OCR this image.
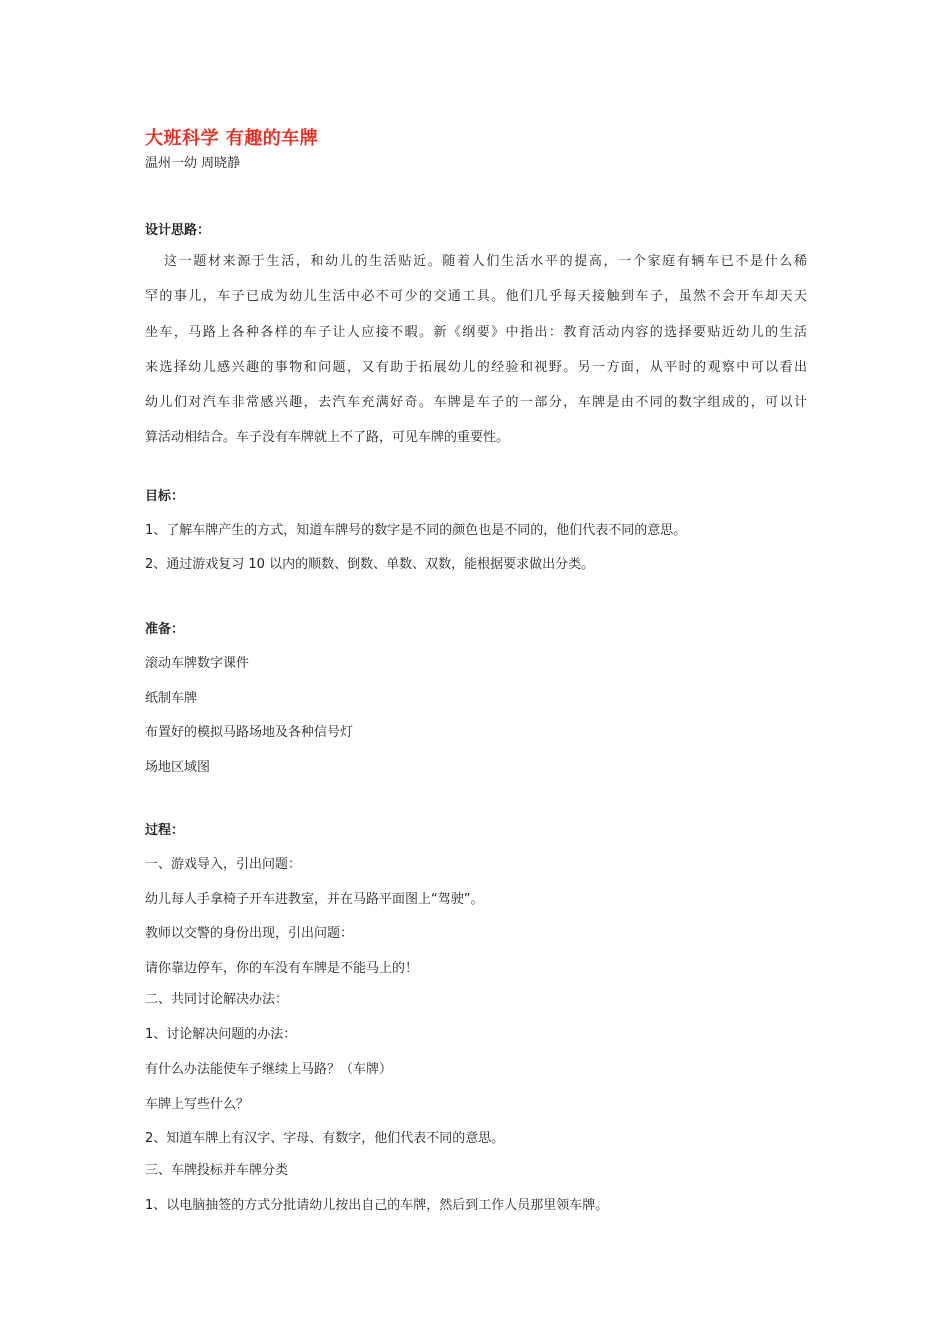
大班科学 有趣的车牌
温州一幼 周晓静
设计思路：
这一题材来源于生活，和幼儿的生活贴近。随着人们生活水平的提高，一个家庭有辆车已不是什么稀
罕的事儿，车子已成为幼儿生活中必不可少的交通工具。他们几乎每天接触到车子，虽然不会开车却天天
坐车，马路上各种各样的车子让人应接不暇。新《纲要》中指出：教育活动内容的选择要贴近幼儿的生活
来选择幼儿感兴趣的事物和问题，又有助于拓展幼儿的经验和视野。另一方面，从平时的观察中可以看出
幼儿们对汽车非常感兴趣，去汽车充满好奇。车牌是车子的一部分，车牌是由不同的数字组成的，可以计
算活动相结合。车子没有车牌就上不了路，可见车牌的重要性。
目标：
1、了解车牌产生的方式，知道车牌号的数字是不同的颜色也是不同的，他们代表不同的意思。
2、通过游戏复习 10 以内的顺数、倒数、单数、双数，能根据要求做出分类。
准备：
滚动车牌数字课件
纸制车牌
布置好的模拟马路场地及各种信号灯
场地区域图
过程：
一、游戏导入，引出问题：
幼儿每人手拿椅子开车进教室，并在马路平面图上“驾驶”。
教师以交警的身份出现，引出问题：
请你靠边停车，你的车没有车牌是不能马上的！
二、共同讨论解决办法：
1、讨论解决问题的办法：
有什么办法能使车子继续上马路？（车牌）
车牌上写些什么？
2、知道车牌上有汉字、字母、有数字，他们代表不同的意思。
三、车牌投标并车牌分类
1、以电脑抽签的方式分批请幼儿按出自己的车牌，然后到工作人员那里领车牌。
